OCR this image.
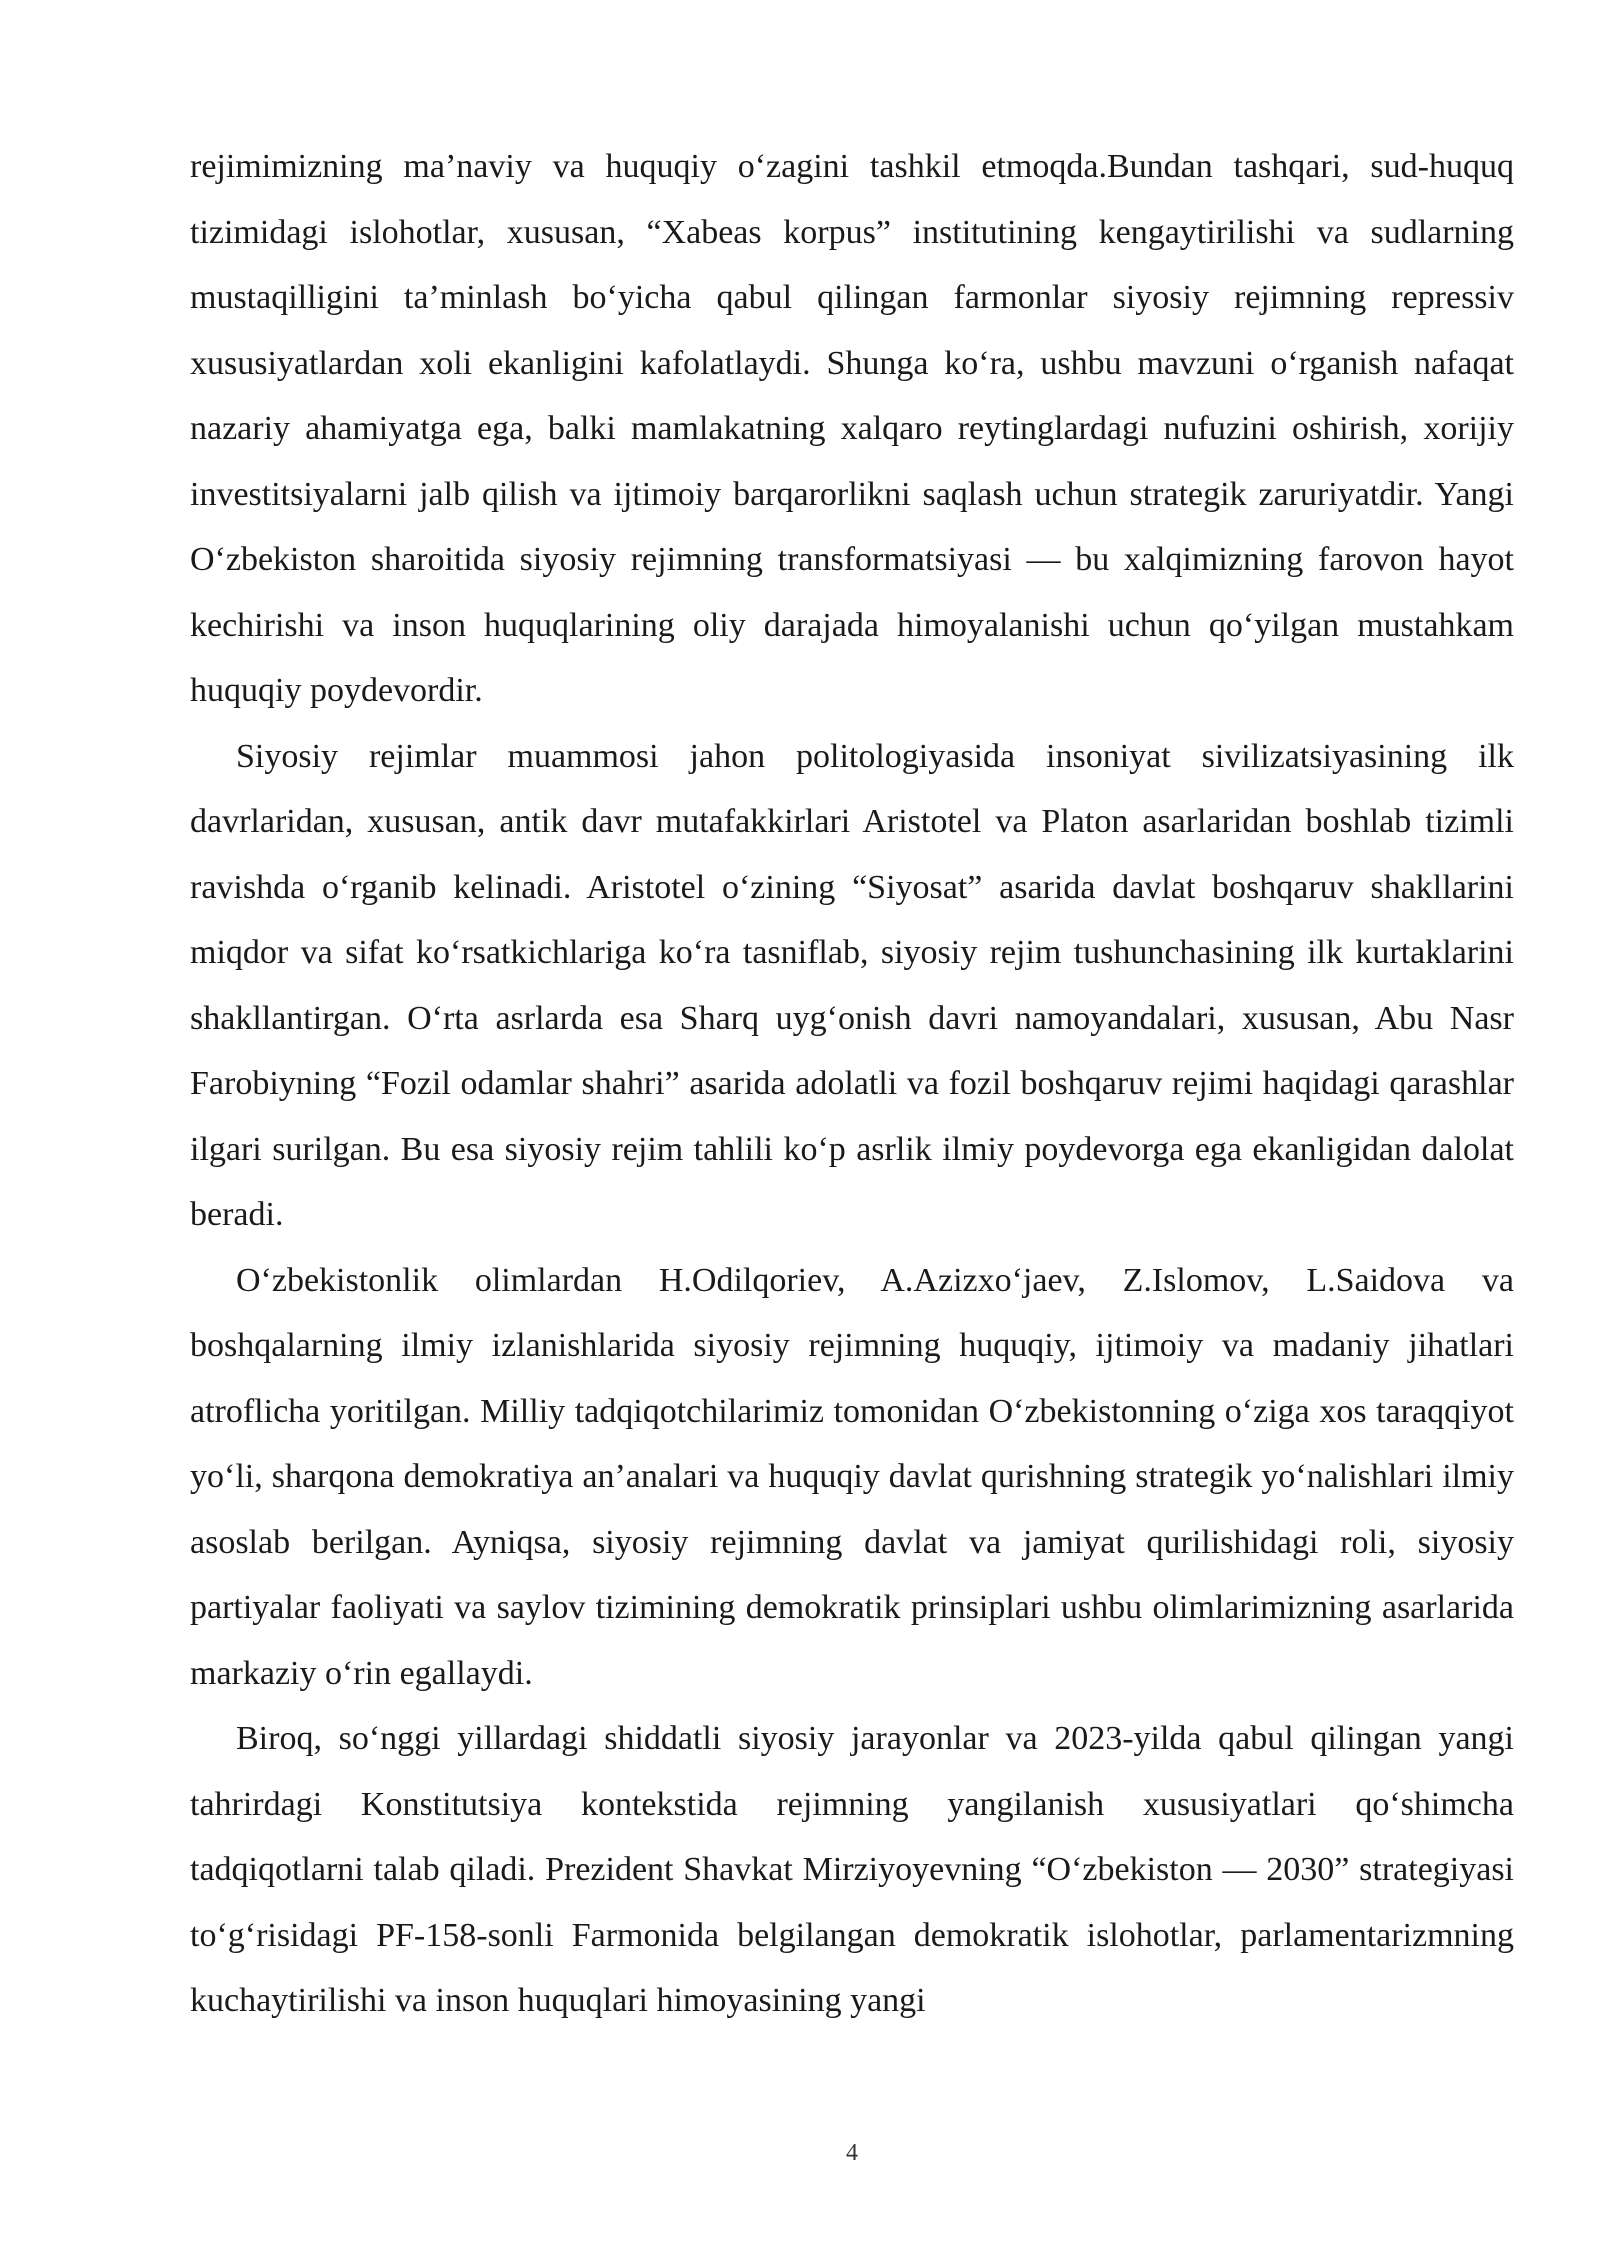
rejimimizning ma’naviy va huquqiy o‘zagini tashkil etmoqda.Bundan tashqari, sud-huquq tizimidagi islohotlar, xususan, “Xabeas korpus” institutining kengaytirilishi va sudlarning mustaqilligini ta’minlash bo‘yicha qabul qilingan farmonlar siyosiy rejimning repressiv xususiyatlardan xoli ekanligini kafolatlaydi. Shunga ko‘ra, ushbu mavzuni o‘rganish nafaqat nazariy ahamiyatga ega, balki mamlakatning xalqaro reytinglardagi nufuzini oshirish, xorijiy investitsiyalarni jalb qilish va ijtimoiy barqarorlikni saqlash uchun strategik zaruriyatdir. Yangi O‘zbekiston sharoitida siyosiy rejimning transformatsiyasi — bu xalqimizning farovon hayot kechirishi va inson huquqlarining oliy darajada himoyalanishi uchun qo‘yilgan mustahkam huquqiy poydevordir.

Siyosiy rejimlar muammosi jahon politologiyasida insoniyat sivilizatsiyasining ilk davrlaridan, xususan, antik davr mutafakkirlari Aristotel va Platon asarlaridan boshlab tizimli ravishda o‘rganib kelinadi. Aristotel o‘zining “Siyosat” asarida davlat boshqaruv shakllarini miqdor va sifat ko‘rsatkichlariga ko‘ra tasniflab, siyosiy rejim tushunchasining ilk kurtaklarini shakllantirgan. O‘rta asrlarda esa Sharq uyg‘onish davri namoyandalari, xususan, Abu Nasr Farobiyning “Fozil odamlar shahri” asarida adolatli va fozil boshqaruv rejimi haqidagi qarashlar ilgari surilgan. Bu esa siyosiy rejim tahlili ko‘p asrlik ilmiy poydevorga ega ekanligidan dalolat beradi.

O‘zbekistonlik olimlardan H.Odilqoriev, A.Azizxo‘jaev, Z.Islomov, L.Saidova va boshqalarning ilmiy izlanishlarida siyosiy rejimning huquqiy, ijtimoiy va madaniy jihatlari atroflicha yoritilgan. Milliy tadqiqotchilarimiz tomonidan O‘zbekistonning o‘ziga xos taraqqiyot yo‘li, sharqona demokratiya an’analari va huquqiy davlat qurishning strategik yo‘nalishlari ilmiy asoslab berilgan. Ayniqsa, siyosiy rejimning davlat va jamiyat qurilishidagi roli, siyosiy partiyalar faoliyati va saylov tizimining demokratik prinsiplari ushbu olimlarimizning asarlarida markaziy o‘rin egallaydi.

Biroq, so‘nggi yillardagi shiddatli siyosiy jarayonlar va 2023-yilda qabul qilingan yangi tahrirdagi Konstitutsiya kontekstida rejimning yangilanish xususiyatlari qo‘shimcha tadqiqotlarni talab qiladi. Prezident Shavkat Mirziyoyevning “O‘zbekiston — 2030” strategiyasi to‘g‘risidagi PF-158-sonli Farmonida belgilangan demokratik islohotlar, parlamentarizmning kuchaytirilishi va inson huquqlari himoyasining yangi

4
